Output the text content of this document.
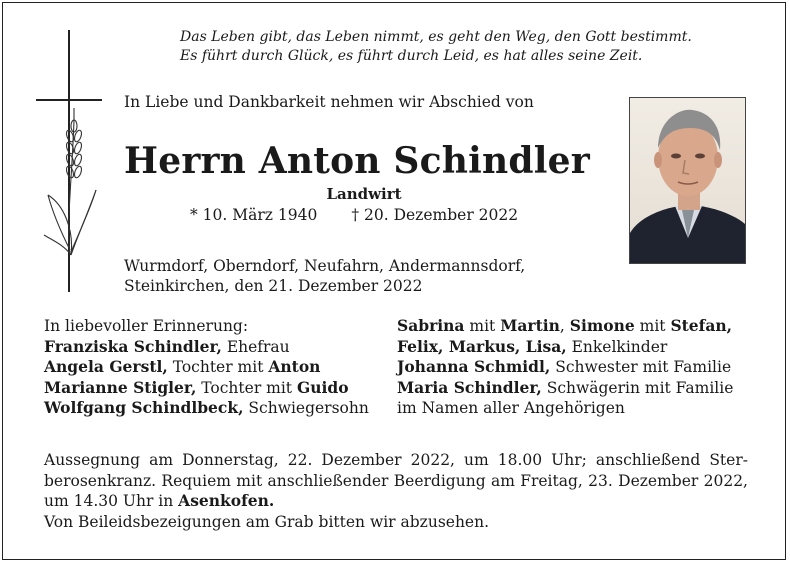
Das Leben gibt, das Leben nimmt, es geht den Weg, den Gott bestimmt.
Es führt durch Glück, es führt durch Leid, es hat alles seine Zeit.
In Liebe und Dankbarkeit nehmen wir Abschied von
Herrn Anton Schindler
Landwirt
* 10. März 1940 † 20. Dezember 2022
Wurmdorf, Oberndorf, Neufahrn, Andermannsdorf,
Steinkirchen, den 21. Dezember 2022
In liebevoller Erinnerung:
Franziska Schindler, Ehefrau
Angela Gerstl, Tochter mit Anton
Marianne Stigler, Tochter mit Guido
Wolfgang Schindlbeck, Schwiegersohn
Sabrina mit Martin, Simone mit Stefan,
Felix, Markus, Lisa, Enkelkinder
Johanna Schmidl, Schwester mit Familie
Maria Schindler, Schwägerin mit Familie
im Namen aller Angehörigen
Aussegnung am Donnerstag, 22. Dezember 2022, um 18.00 Uhr; anschließend Sterberosenkranz. Requiem mit anschließender Beerdigung am Freitag, 23. Dezember 2022, um 14.30 Uhr in Asenkofen.
Von Beileidsbezeigungen am Grab bitten wir abzusehen.
